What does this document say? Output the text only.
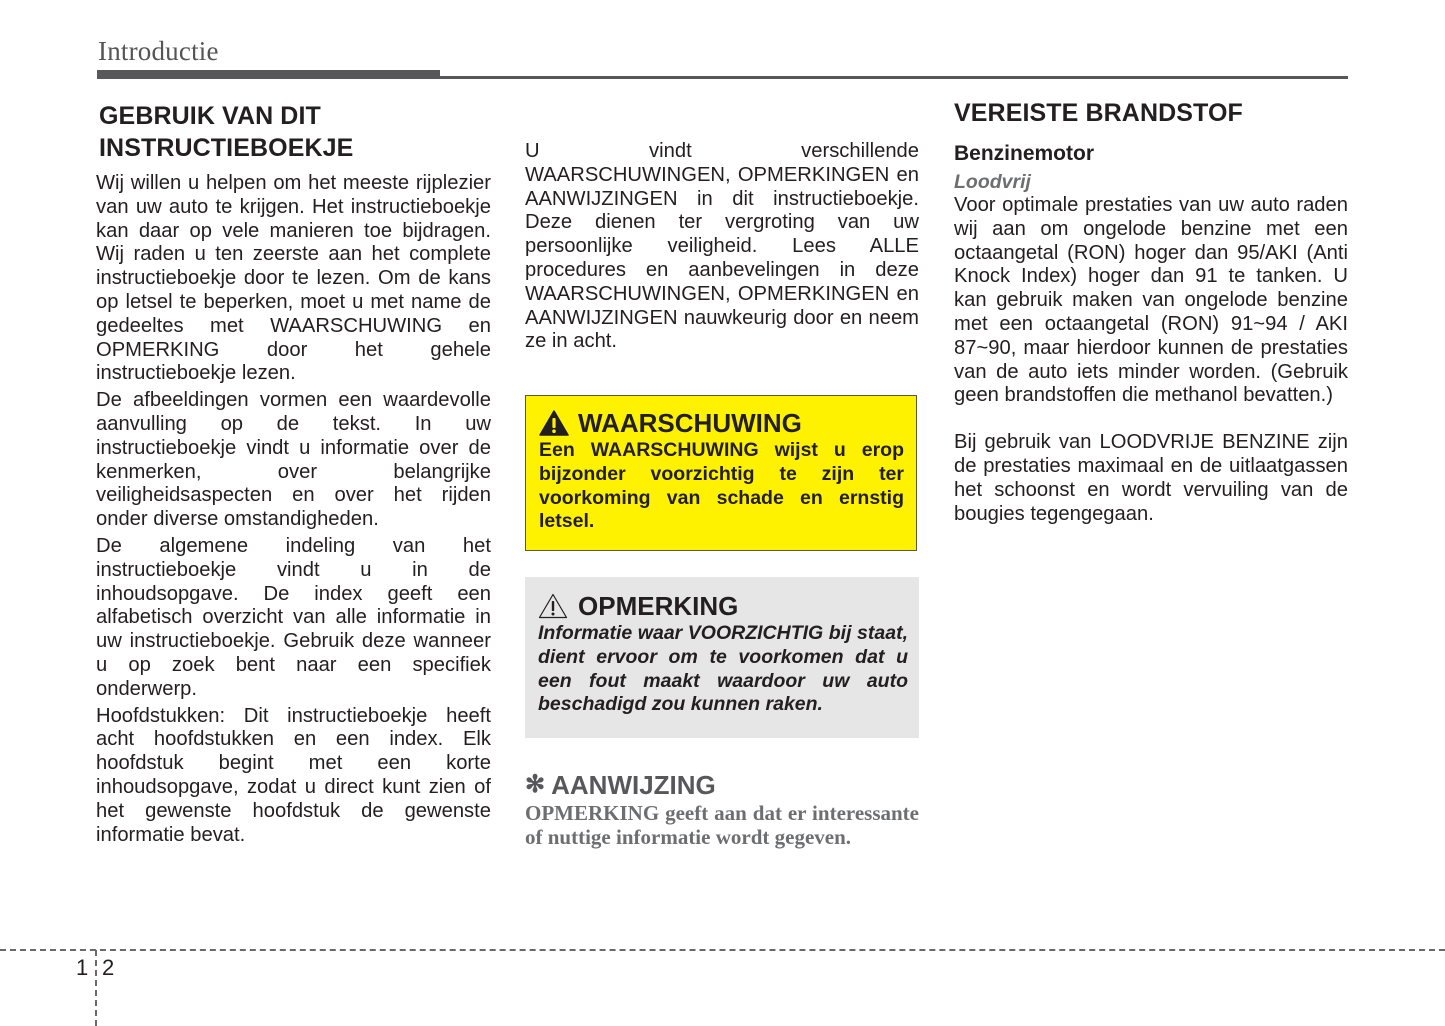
Introductie
GEBRUIK VAN DIT INSTRUCTIEBOEKJE

Wij willen u helpen om het meeste rijplezier van uw auto te krijgen. Het instructieboekje kan daar op vele manieren toe bijdragen. Wij raden u ten zeerste aan het complete instructieboekje door te lezen. Om de kans op letsel te beperken, moet u met name de gedeeltes met WAARSCHUWING en OPMERKING door het gehele instructieboekje lezen.

De afbeeldingen vormen een waardevolle aanvulling op de tekst. In uw instructieboekje vindt u informatie over de kenmerken, over belangrijke veiligheidsaspecten en over het rijden onder diverse omstandigheden.

De algemene indeling van het instructieboekje vindt u in de inhoudsopgave. De index geeft een alfabetisch overzicht van alle informatie in uw instructieboekje. Gebruik deze wanneer u op zoek bent naar een specifiek onderwerp.

Hoofdstukken: Dit instructieboekje heeft acht hoofdstukken en een index. Elk hoofdstuk begint met een korte inhoudsopgave, zodat u direct kunt zien of het gewenste hoofdstuk de gewenste informatie bevat.

U vindt verschillende WAARSCHUWINGEN, OPMERKINGEN en AANWIJZINGEN in dit instructieboekje. Deze dienen ter vergroting van uw persoonlijke veiligheid. Lees ALLE procedures en aanbevelingen in deze WAARSCHUWINGEN, OPMERKINGEN en AANWIJZINGEN nauwkeurig door en neem ze in acht.

WAARSCHUWING
Een WAARSCHUWING wijst u erop bijzonder voorzichtig te zijn ter voorkoming van schade en ernstig letsel.
OPMERKING
Informatie waar VOORZICHTIG bij staat, dient ervoor om te voorkomen dat u een fout maakt waardoor uw auto beschadigd zou kunnen raken.
✻ AANWIJZING
OPMERKING geeft aan dat er interessante of nuttige informatie wordt gegeven.
VEREISTE BRANDSTOF
Benzinemotor
Loodvrij

Voor optimale prestaties van uw auto raden wij aan om ongelode benzine met een octaangetal (RON) hoger dan 95/AKI (Anti Knock Index) hoger dan 91 te tanken. U kan gebruik maken van ongelode benzine met een octaangetal (RON) 91~94 / AKI 87~90, maar hierdoor kunnen de prestaties van de auto iets minder worden. (Gebruik geen brandstoffen die methanol bevatten.)

Bij gebruik van LOODVRIJE BENZINE zijn de prestaties maximaal en de uitlaatgassen het schoonst en wordt vervuiling van de bougies tegengegaan.

1 2
